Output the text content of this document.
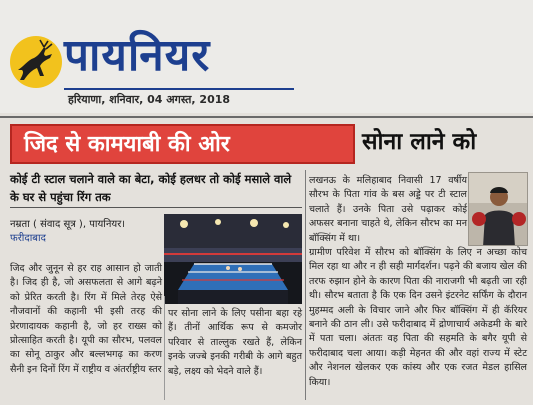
पायनियर
हरियाणा, शनिवार, 04 अगस्त, 2018
जिद से कामयाबी की ओर	सोना लाने को
कोई टी स्टाल चलाने वाले का बेटा, कोई हलधर तो कोई मसाले वाले के घर से पहुंचा रिंग तक
नम्रता ( संवाद सूत्र ), पायनियर।
फरीदाबाद
जिद और जुनून से हर राह आसान हो जाती है। जिद ही है, जो असफलता से आगे बढ़ने को प्रेरित करती है। रिंग में मिले तेरह ऐसे नौजवानों की कहानी भी इसी तरह की प्रेरणादायक कहानी है, जो हर राख्स को प्रोत्साहित करती है। यूपी का सौरभ, पलवल का सोनू ठाकुर और बल्लभगढ़ का करण सैनी इन दिनों रिंग में राष्ट्रीय व अंतर्राष्ट्रीय स्तर
पर सोना लाने के लिए पसीना बहा रहे हैं। तीनों आर्थिक रूप से कमजोर परिवार से ताल्लुक रखते हैं, लेकिन इनके जज्बे इनकी गरीबी के आगे बहुत बड़े, लक्ष्य को भेदने वाले हैं।
लखनऊ के मलिहाबाद निवासी 17 वर्षीय सौरभ के पिता गांव के बस अड्डे पर टी स्टाल चलाते हैं। उनके पिता उसे पढ़ाकर कोई अफसर बनाना चाहते थे, लेकिन सौरभ का मन बॉक्सिंग में था।
ग्रामीण परिवेश में सौरभ को बॉक्सिंग के लिए न अच्छा कोच मिल रहा था और न ही सही मार्गदर्शन। पढ़ने की बजाय खेल की तरफ रुझान होने के कारण पिता की नाराजगी भी बढ़ती जा रही थी। सौरभ बताता है कि एक दिन उसने इंटरनेट सर्फिंग के दौरान मुहम्मद अली के विचार जाने और फिर बॉक्सिंग में ही कॅरियर बनाने की ठान ली। उसे फरीदाबाद में द्रोणाचार्य अकेडमी के बारे में पता चला। अंततः वह पिता की सहमति के बगैर यूपी से फरीदाबाद चला आया। कड़ी मेहनत की और वहां राज्य में स्टेट और नेशनल खेलकर एक कांस्य और एक रजत मेडल हासिल किया।
